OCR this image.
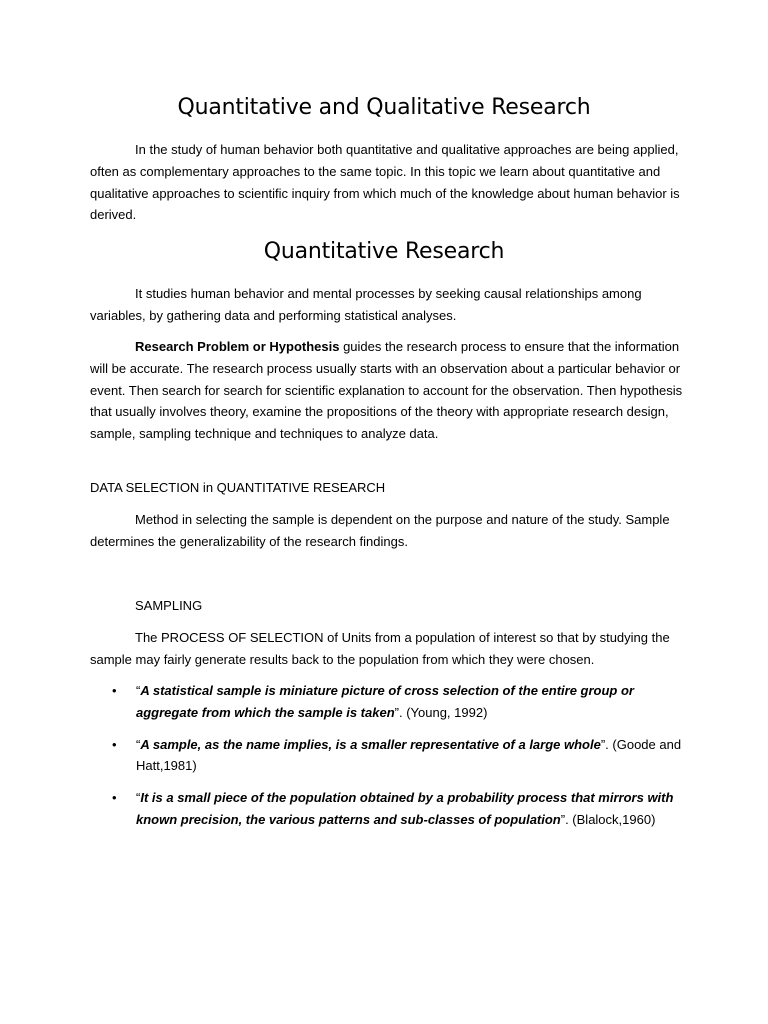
Quantitative and Qualitative Research

In the study of human behavior both quantitative and qualitative approaches are being applied, often as complementary approaches to the same topic. In this topic we learn about quantitative and qualitative approaches to scientific inquiry from which much of the knowledge about human behavior is derived.

Quantitative Research

It studies human behavior and mental processes by seeking causal relationships among variables, by gathering data and performing statistical analyses.

Research Problem or Hypothesis guides the research process to ensure that the information will be accurate. The research process usually starts with an observation about a particular behavior or event. Then search for search for scientific explanation to account for the observation. Then hypothesis that usually involves theory, examine the propositions of the theory with appropriate research design, sample, sampling technique and techniques to analyze data.

DATA SELECTION in QUANTITATIVE RESEARCH

Method in selecting the sample is dependent on the purpose and nature of the study. Sample determines the generalizability of the research findings.

SAMPLING

The PROCESS OF SELECTION of Units from a population of interest so that by studying the sample may fairly generate results back to the population from which they were chosen.

• “A statistical sample is miniature picture of cross selection of the entire group or aggregate from which the sample is taken”. (Young, 1992)
• “A sample, as the name implies, is a smaller representative of a large whole”. (Goode and Hatt,1981)
• “It is a small piece of the population obtained by a probability process that mirrors with known precision, the various patterns and sub-classes of population”. (Blalock,1960)
